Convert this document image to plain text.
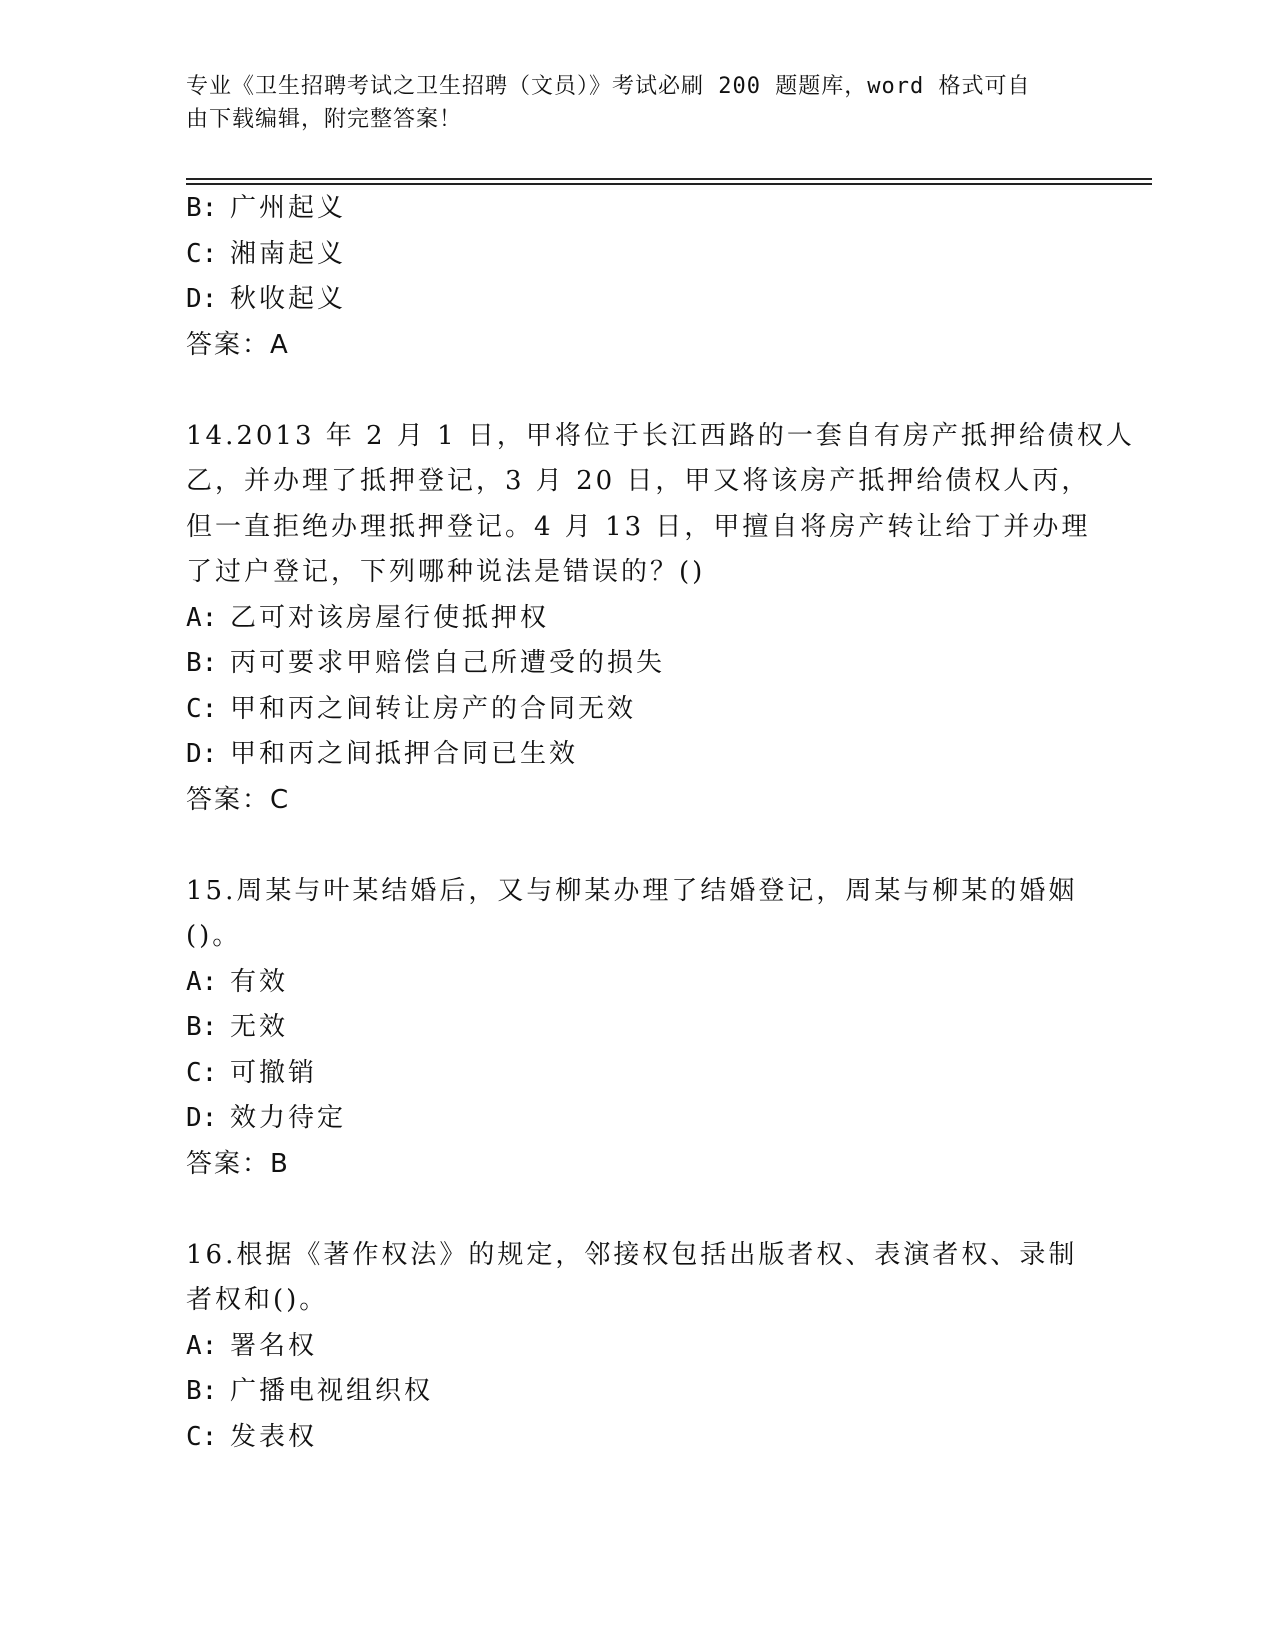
专业《卫生招聘考试之卫生招聘（文员）》考试必刷 200 题题库，word 格式可自
由下载编辑，附完整答案！
B: 广州起义
C: 湘南起义
D: 秋收起义
答案：A
14.2013 年 2 月 1 日，甲将位于长江西路的一套自有房产抵押给债权人
乙，并办理了抵押登记，3 月 20 日，甲又将该房产抵押给债权人丙，
但一直拒绝办理抵押登记。4 月 13 日，甲擅自将房产转让给丁并办理
了过户登记，下列哪种说法是错误的？()
A: 乙可对该房屋行使抵押权
B: 丙可要求甲赔偿自己所遭受的损失
C: 甲和丙之间转让房产的合同无效
D: 甲和丙之间抵押合同已生效
答案：C
15.周某与叶某结婚后，又与柳某办理了结婚登记，周某与柳某的婚姻
()。
A: 有效
B: 无效
C: 可撤销
D: 效力待定
答案：B
16.根据《著作权法》的规定，邻接权包括出版者权、表演者权、录制
者权和()。
A: 署名权
B: 广播电视组织权
C: 发表权
